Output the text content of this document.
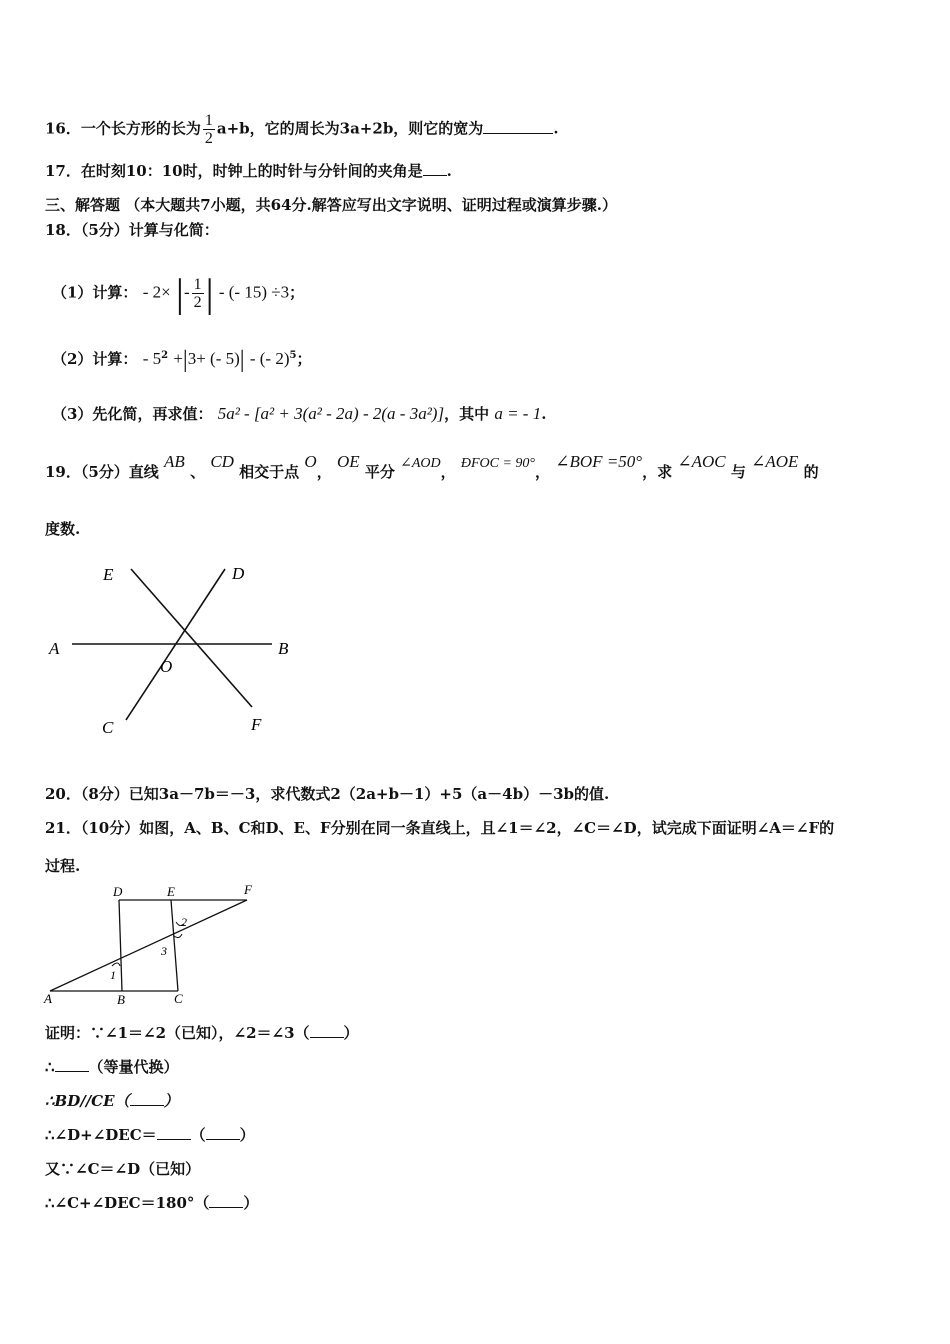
16．一个长方形的长为 $\frac{1}{2} a+b$，它的周长为3a+2b，则它的宽为	.
17．在时刻10：10时，时钟上的时针与分针间的夹角是 .
三、解答题 （本大题共7小题，共64分.解答应写出文字说明、证明过程或演算步骤.）
18．（5分）计算与化简：
（1）计算： - 2× |- $\frac{1}{2}$ | - (- 15) ÷3；
（2）计算： - $5^2 +|3+$ (- 5)| - (- 2)$^5$；
（3）先化简，再求值： 5a² - [a² + 3(a² - 2a) - 2(a - 3a²)]，其中 a = - 1.
19．（5分）直线 AB 、 CD 相交于点 O， OE 平分 ∠AOD， ÐFOC = 90°， ∠BOF =50°，求 ∠AOC 与 ∠AOE 的
度数.
E	D
A	B
O
C	F
20．（8分）已知3a－7b＝－3，求代数式2（2a+b－1）+5（a－4b）－3b的值.
21．（10分）如图，A、B、C和D、E、F分别在同一条直线上，且∠1＝∠2，∠C＝∠D，试完成下面证明∠A＝∠F的
过程.
D	E	F
A	B	C
1
2
3
证明：∵∠1＝∠2（已知），∠2＝∠3（ ）
∴ （等量代换）
∴BD//CE（ ）
∴∠D+∠DEC＝ （ ）
又∵∠C＝∠D（已知）
∴∠C+∠DEC＝180°（ ）
